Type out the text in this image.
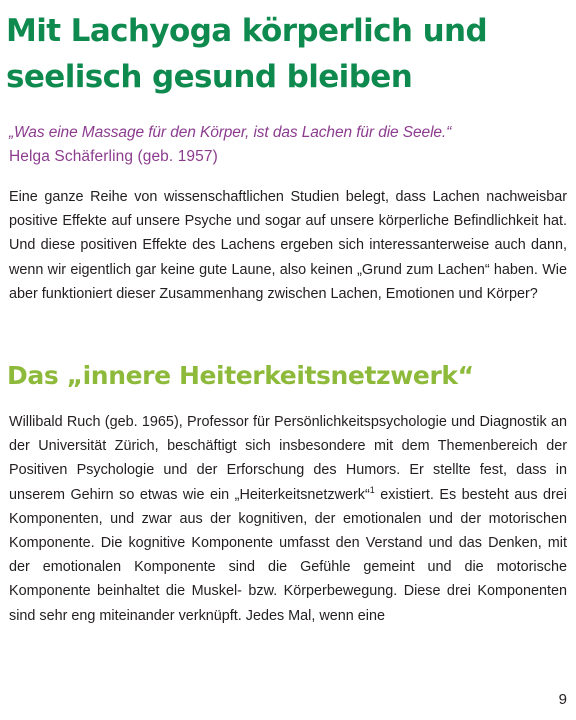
Mit Lachyoga körperlich und seelisch gesund bleiben
„Was eine Massage für den Körper, ist das Lachen für die Seele.“
Helga Schäferling (geb. 1957)

Eine ganze Reihe von wissenschaftlichen Studien belegt, dass Lachen nachweisbar positive Effekte auf unsere Psyche und sogar auf unsere körperliche Befindlichkeit hat. Und diese positiven Effekte des Lachens ergeben sich interessanterweise auch dann, wenn wir eigentlich gar keine gute Laune, also keinen „Grund zum Lachen“ haben. Wie aber funktioniert dieser Zusammenhang zwischen Lachen, Emotionen und Körper?

Das „innere Heiterkeitsnetzwerk“

Willibald Ruch (geb. 1965), Professor für Persönlichkeitspsychologie und Diagnostik an der Universität Zürich, beschäftigt sich insbesondere mit dem Themenbereich der Positiven Psychologie und der Erforschung des Humors. Er stellte fest, dass in unserem Gehirn so etwas wie ein „Heiterkeitsnetzwerk“$^1$ existiert. Es besteht aus drei Komponenten, und zwar aus der kognitiven, der emotionalen und der motorischen Komponente. Die kognitive Komponente umfasst den Verstand und das Denken, mit der emotionalen Komponente sind die Gefühle gemeint und die motorische Komponente beinhaltet die Muskel- bzw. Körperbewegung. Diese drei Komponenten sind sehr eng miteinander verknüpft. Jedes Mal, wenn eine

9
